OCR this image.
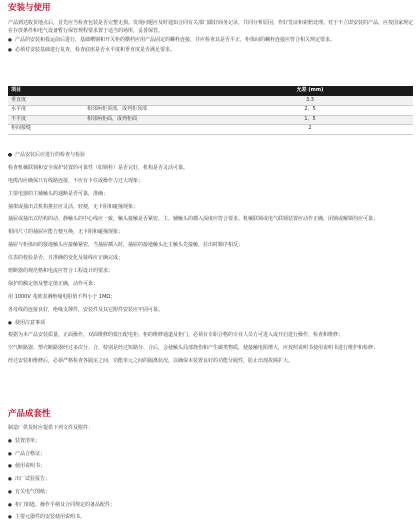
安装与使用

产品到达收货地点后，首先应当检查包装是否完整无损。发现问题应及时通知合同有关部门做好商务记录，共同分析原因，作好签证和索赔处理。对于不立即安装的产品，应按国家规定在存放条件和电气设备暂行保管规程要求置于适当的场所，妥善保管。

● 产品的安装和投运前后进行，基础槽钢和开关柜的横档应用产品固定的螺栓连接，并应检查其是否平正，柜体间的螺栓连接应符合相关规定要求。

● 必须对安装基础进行复查，检查底座是否水平度和垂直度是否满足要求。

项目		允差 (mm)
垂直度		3.3
水平度	相邻两柜顶部，成列柜顶部	2、5
不平度	相邻两柜面，成列柜面	1、5
柜间接缝		2

● 产品安装后应进行的检查与检验

○ 检查机械联锁和安全保护装置的可靠性（如锁栓）是否完好，机构是否灵活可靠。

○ 电缆沟应确保只有线路连接，不应有卡住或操作力过大现象；

○ 主要电器的主辅触头的通断是否可靠，准确；

○ 抽架或抽出式机构推拉应灵活，轻便，无卡阻和碰撞现象；

○ 抽屉或抽出式结构的动、静触头的中心线应一致，触头接触是否紧密，主、辅触头的插入深度应符合要求。机械联锁或电气联锁装置应动作正确，闭锁或解锁均应可靠；

○ 相同尺寸的抽屉应能方便互换，无卡阻和碰撞现象；

○ 抽屉与柜体间的接地触头应接触紧密，当抽屉插入时，抽屉的接地触头比主触头先接触，拉出时顺序相反；

○ 仪表的校验是否，且准确的变化及接线应正确完成；

○ 熔断器的规范格和电流应符合工程设计的要求；

○ 保护的额定值及整定值正确，动作可靠；

○ 用 1000V 兆欧表测绝缘电阻值不得小于 1MΩ；

○ 各母线的连接良好，绝缘支撑件，安装件及其它附件安装应牢固可靠。

● 使用注意事项

○ 根据为本产品安装质量，正面操作，双面维修的低压配电柜。柜的维修通道及柜门，必须有专职合格的专业人员方可进入或开启进行操作，检查和维修；

○ 空气断路器、塑壳断路器经过多次分、合，特别是经过短路分、合后，会使触头局部烧伤和产生碳类物质，使接触电阻增大，应按照说明书使用说明书进行维护和检修；

○ 经过安装和维修后，必须严格检查各隔室之间、功能单元之间的隔离状况，以确保本装置良好的功能分隔性，防止出现故障扩大。

产品成套性

制造厂供货时应提供下列文件及附件：

● 装置清单；

● 产品合格证；

● 使用说明书；

● 出厂试验报告；

● 有关电气图纸；

● 柜门钥匙、操作手柄及合同规定的备品配件；

● 主要元器件的安装使用说明书。
